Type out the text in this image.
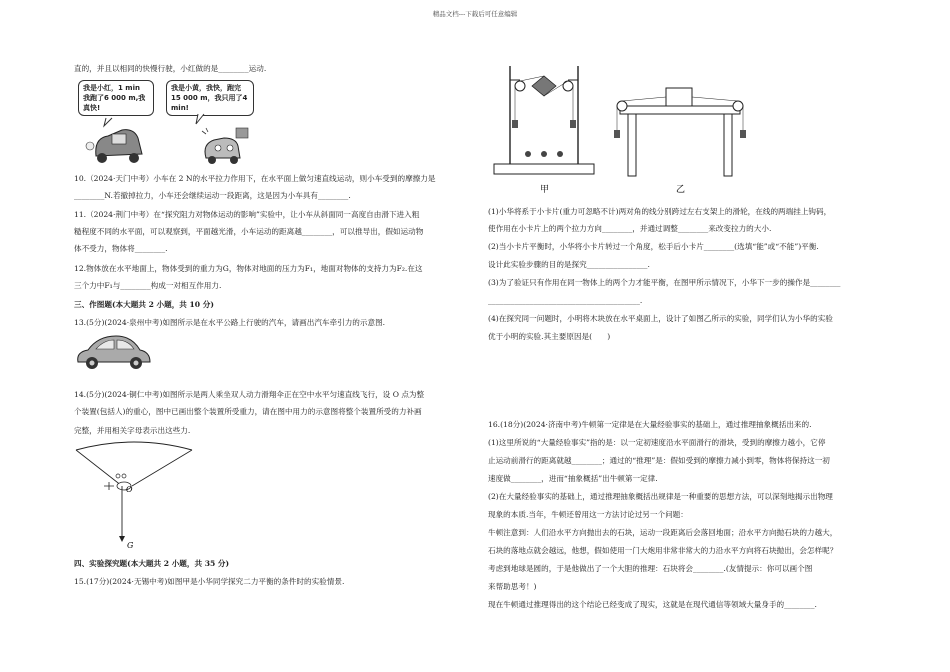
精品文档---下载后可任意编辑

直的，并且以相同的快慢行驶，小红做的是________运动.

我是小红，1 min
我跑了6 000 m,我
真快!
我是小黄，我快，跑完
15 000 m，我只用了4 min!

10.（2024·天门中考）小车在 2 N的水平拉力作用下，在水平面上做匀速直线运动，则小车受到的摩擦力是

________N.若撤掉拉力，小车还会继续运动一段距离，这是因为小车具有________.

11.（2024·荆门中考）在“探究阻力对物体运动的影响”实验中，让小车从斜面同一高度自由滑下进入粗

糙程度不同的水平面，可以观察到，平面越光滑，小车运动的距离越________，可以推导出，假如运动物

体不受力，物体将________.

12.物体放在水平地面上，物体受到的重力为G，物体对地面的压力为F₁，地面对物体的支持力为F₂.在这

三个力中F₁与________构成一对相互作用力.

三、作图题(本大题共 2 小题，共 10 分)

13.(5分)(2024·泉州中考)如图所示是在水平公路上行驶的汽车，请画出汽车牵引力的示意图.

14.(5分)(2024·铜仁中考)如图所示是两人乘坐双人动力滑翔伞正在空中水平匀速直线飞行，设 O 点为整

个装置(包括人)的重心，图中已画出整个装置所受重力，请在图中用力的示意图将整个装置所受的力补画

完整，并用相关字母表示出这些力.

O
G

四、实验探究题(本大题共 2 小题，共 35 分)

15.(17分)(2024·无锡中考)如图甲是小华同学探究二力平衡的条件时的实验情景.

甲	乙

(1)小华将系于小卡片(重力可忽略不计)两对角的线分别跨过左右支架上的滑轮，在线的两端挂上钩码，

使作用在小卡片上的两个拉力方向________，并通过调整________来改变拉力的大小.

(2)当小卡片平衡时，小华将小卡片转过一个角度，松手后小卡片________(选填“能”或“不能”)平衡.

设计此实验步骤的目的是探究________________.

(3)为了验证只有作用在同一物体上的两个力才能平衡，在图甲所示情况下，小华下一步的操作是________

________________________________________.

(4)在探究同一问题时，小明将木块放在水平桌面上，设计了如图乙所示的实验，同学们认为小华的实验

优于小明的实验.其主要原因是(　　)

16.(18分)(2024·济南中考)牛顿第一定律是在大量经验事实的基础上，通过推理抽象概括出来的.

(1)这里所说的“大量经验事实”指的是：以一定初速度沿水平面滑行的滑块，受到的摩擦力越小，它停

止运动前滑行的距离就越________；通过的“推理”是：假如受到的摩擦力减小到零，物体将保持这一初

速度做________，进而“抽象概括”出牛顿第一定律.

(2)在大量经验事实的基础上，通过推理抽象概括出规律是一种重要的思想方法，可以深刻地揭示出物理

现象的本质.当年，牛顿还曾用这一方法讨论过另一个问题：

牛顿注意到：人们沿水平方向抛出去的石块，运动一段距离后会落回地面；沿水平方向抛石块的力越大，

石块的落地点就会越远，他想，假如使用一门大炮用非常非常大的力沿水平方向将石块抛出，会怎样呢？

考虑到地球是圆的，于是他做出了一个大胆的推理：石块将会________.(友情提示：你可以画个图

来帮助思考！)

现在牛顿通过推理得出的这个结论已经变成了现实，这就是在现代通信等领域大量身手的________.
